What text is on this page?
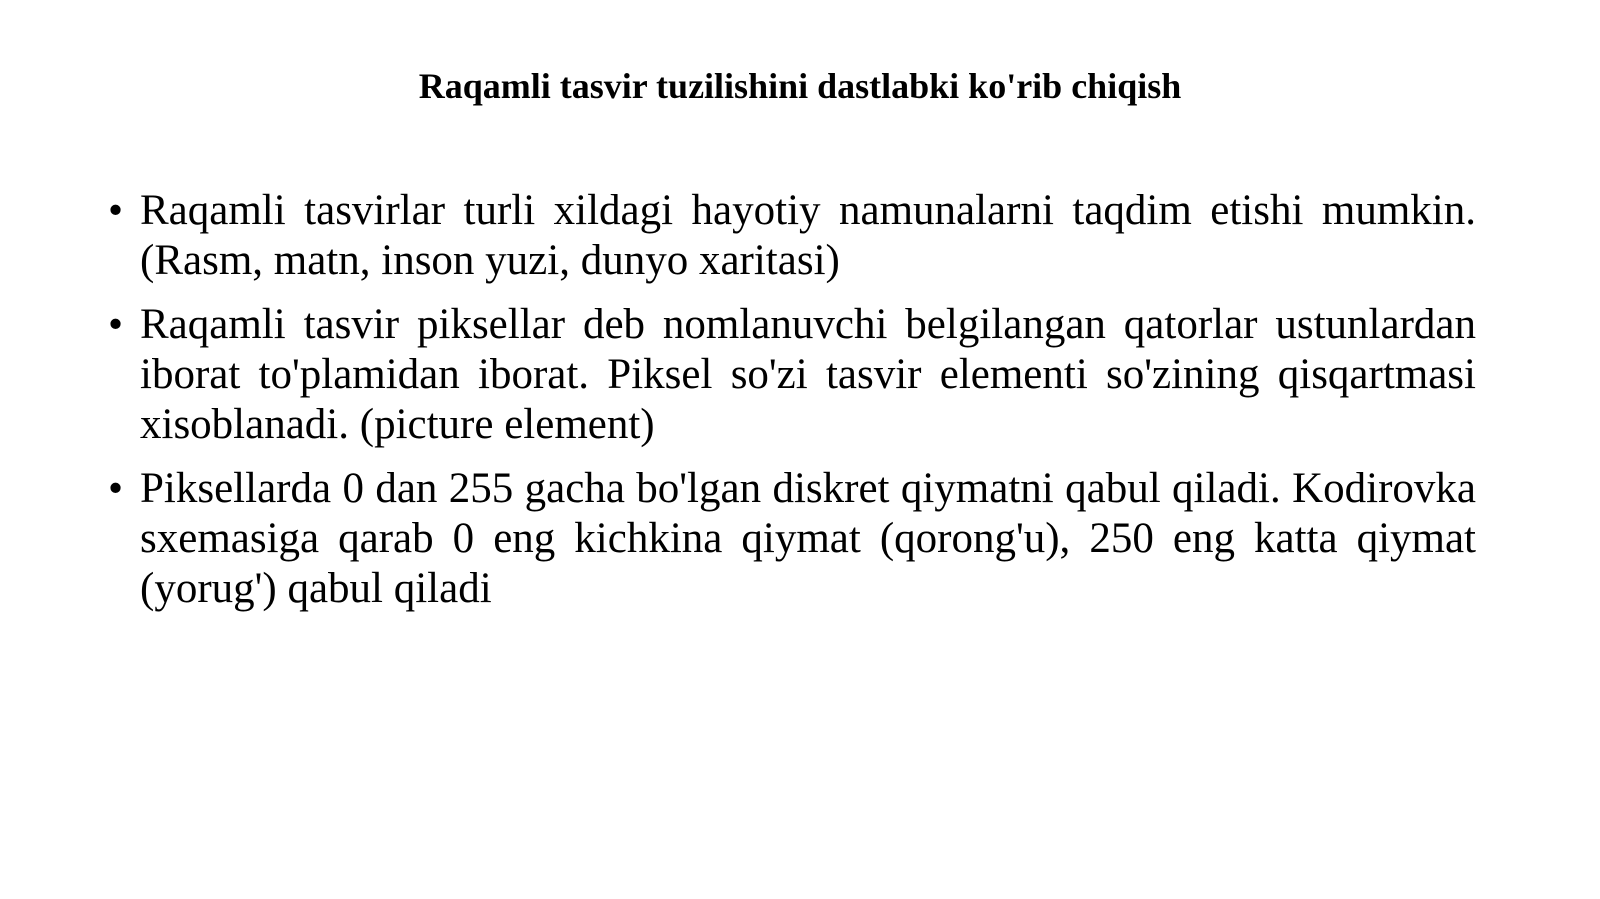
Raqamli tasvir tuzilishini dastlabki ko'rib chiqish
• Raqamli tasvirlar turli xildagi hayotiy namunalarni taqdim etishi mumkin. (Rasm, matn, inson yuzi, dunyo xaritasi)
• Raqamli tasvir piksellar deb nomlanuvchi belgilangan qatorlar ustunlardan iborat to'plamidan iborat. Piksel so'zi tasvir elementi so'zining qisqartmasi xisoblanadi. (picture element)
• Piksellarda 0 dan 255 gacha bo'lgan diskret qiymatni qabul qiladi. Kodirovka sxemasiga qarab 0 eng kichkina qiymat (qorong'u), 250 eng katta qiymat (yorug') qabul qiladi
